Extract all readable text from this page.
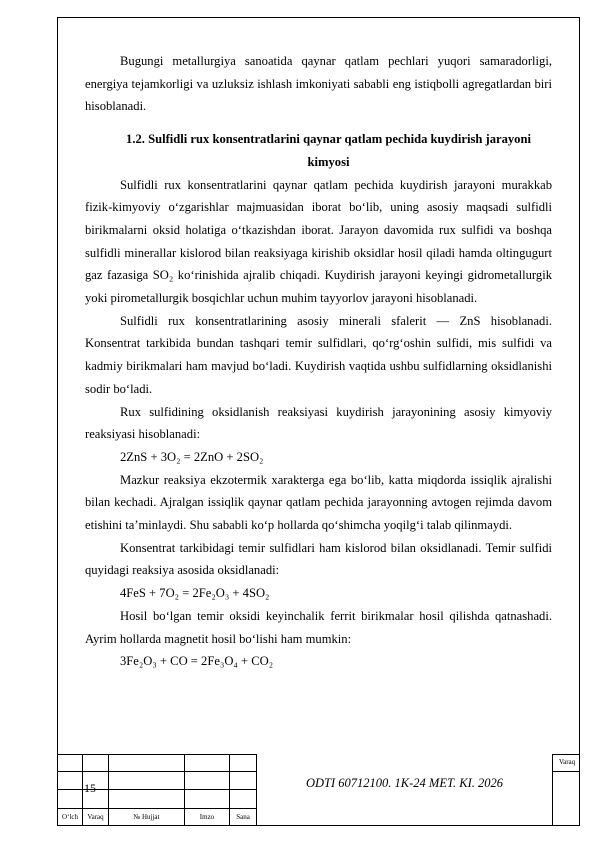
Bugungi metallurgiya sanoatida qaynar qatlam pechlari yuqori samaradorligi, energiya tejamkorligi va uzluksiz ishlash imkoniyati sababli eng istiqbolli agregatlardan biri hisoblanadi.

1.2. Sulfidli rux konsentratlarini qaynar qatlam pechida kuydirish jarayoni kimyosi

Sulfidli rux konsentratlarini qaynar qatlam pechida kuydirish jarayoni murakkab fizik-kimyoviy o‘zgarishlar majmuasidan iborat bo‘lib, uning asosiy maqsadi sulfidli birikmalarni oksid holatiga o‘tkazishdan iborat. Jarayon davomida rux sulfidi va boshqa sulfidli minerallar kislorod bilan reaksiyaga kirishib oksidlar hosil qiladi hamda oltingugurt gaz fazasiga SO₂ ko‘rinishida ajralib chiqadi. Kuydirish jarayoni keyingi gidrometallurgik yoki pirometallurgik bosqichlar uchun muhim tayyorlov jarayoni hisoblanadi.

Sulfidli rux konsentratlarining asosiy minerali sfalerit — ZnS hisoblanadi. Konsentrat tarkibida bundan tashqari temir sulfidlari, qo‘rg‘oshin sulfidi, mis sulfidi va kadmiy birikmalari ham mavjud bo‘ladi. Kuydirish vaqtida ushbu sulfidlarning oksidlanishi sodir bo‘ladi.

Rux sulfidining oksidlanish reaksiyasi kuydirish jarayonining asosiy kimyoviy reaksiyasi hisoblanadi:

2ZnS + 3O₂ = 2ZnO + 2SO₂

Mazkur reaksiya ekzotermik xarakterga ega bo‘lib, katta miqdorda issiqlik ajralishi bilan kechadi. Ajralgan issiqlik qaynar qatlam pechida jarayonning avtogen rejimda davom etishini ta’minlaydi. Shu sababli ko‘p hollarda qo‘shimcha yoqilg‘i talab qilinmaydi.

Konsentrat tarkibidagi temir sulfidlari ham kislorod bilan oksidlanadi. Temir sulfidi quyidagi reaksiya asosida oksidlanadi:

4FeS + 7O₂ = 2Fe₂O₃ + 4SO₂

Hosil bo‘lgan temir oksidi keyinchalik ferrit birikmalar hosil qilishda qatnashadi. Ayrim hollarda magnetit hosil bo‘lishi ham mumkin:

3Fe₂O₃ + CO = 2Fe₃O₄ + CO₂

Varaq
15	ODTI 60712100. 1K-24 MET. KI. 2026
O‘lch	Varaq	№ Hujjat	Imzo	Sana
